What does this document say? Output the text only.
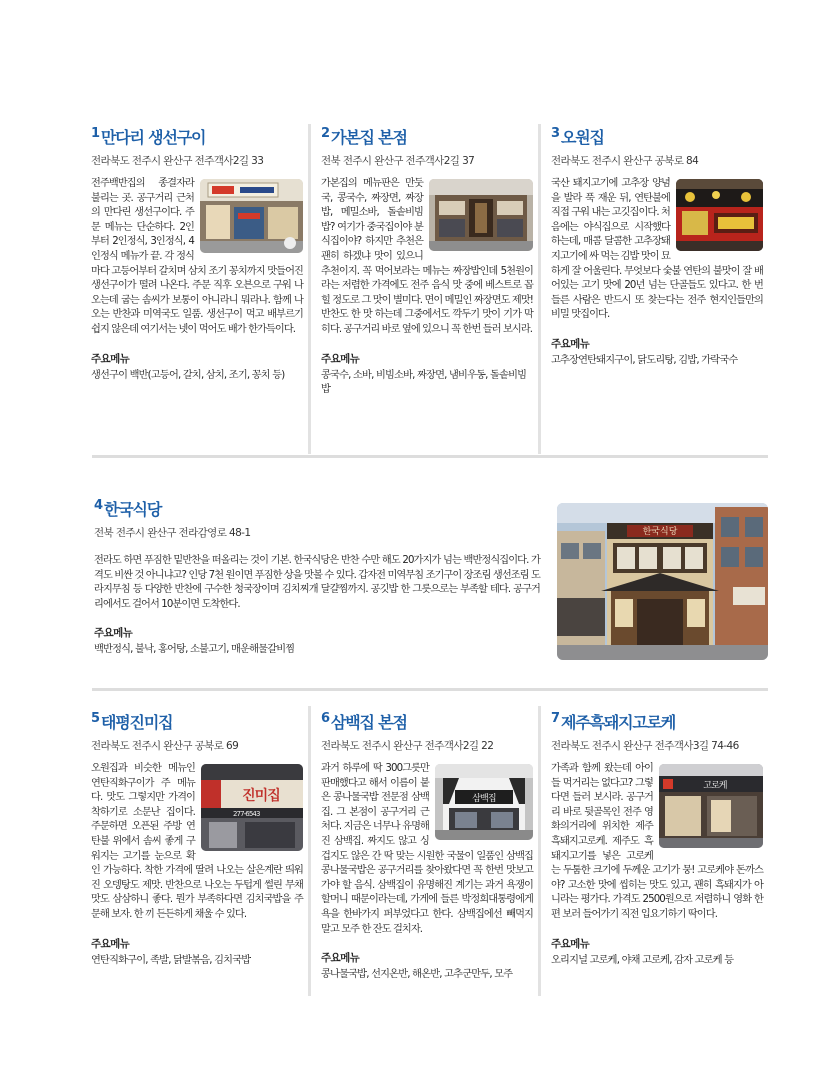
1 만다리 생선구이
전라북도 전주시 완산구 전주객사2길 33
전주백반집의 종결자라 불리는 곳. 공구거리 근처의 만다린 생선구이다. 주문 메뉴는 단순하다. 2인부터 2인정식, 3인정식, 4인정식 메뉴가 끝. 각 정식마다 고등어부터 갈치며 삼치 조기 꽁치까지 맛들어진 생선구이가 떨려 나온다. 주문 직후 오븐으로 구워 나오는데 굽는 솜씨가 보통이 아니라니 뭐라나. 함께 나오는 반찬과 미역국도 일품. 생선구이 먹고 배부르기 쉽지 않은데 여기서는 넷이 먹어도 배가 한가득이다.
주요메뉴
생선구이 백반(고등어, 갈치, 삼치, 조기, 꽁치 등)
2 가본집 본점
전북 전주시 완산구 전주객사2길 37
가본집의 메뉴판은 만둣국, 콩국수, 짜장면, 짜장밥, 메밀소바, 돌솥비빔밥? 여기가 중국집이야 분식집이야? 하지만 추천은 괜히 하겠냐 맛이 있으니 추천이지. 꼭 먹어보라는 메뉴는 짜장밥인데 5천원이라는 저렴한 가격에도 전주 음식 맛 중에 베스트로 꼽힐 정도로 그 맛이 별미다. 면이 메밀인 짜장면도 제맛! 반찬도 한 맛 하는데 그중에서도 깍두기 맛이 기가 막히다. 공구거리 바로 옆에 있으니 꼭 한번 들러 보시라.
주요메뉴
콩국수, 소바, 비빔소바, 짜장면, 냄비우동, 돌솥비빔밥
3 오원집
전라북도 전주시 완산구 공북로 84
국산 돼지고기에 고추장 양념을 발라 푹 재운 뒤, 연탄불에 직접 구워 내는 고깃집이다. 처음에는 야식집으로 시작했다 하는데, 매콤 달콤한 고추장돼지고기에 싸 먹는 김밥 맛이 묘하게 잘 어울린다. 무엇보다 숯불 연탄의 불맛이 잘 배어있는 고기 맛에 20년 넘는 단골들도 있다고. 한 번 들른 사람은 반드시 또 찾는다는 전주 현지인들만의 비밀 맛집이다.
주요메뉴
고추장연탄돼지구이, 닭도리탕, 김밥, 가락국수
4 한국식당
전북 전주시 완산구 전라감영로 48-1
전라도 하면 푸짐한 밑반찬을 떠올리는 것이 기본. 한국식당은 반찬 수만 해도 20가지가 넘는 백반정식집이다. 가격도 비싼 것 아니냐고? 인당 7천 원이면 푸짐한 상을 맛볼 수 있다. 갑자전 미역무침 조기구이 장조림 생선조림 도라지무침 등 다양한 반찬에 구수한 청국장이며 김치찌개 달걀찜까지. 공깃밥 한 그릇으로는 부족할 테다. 공구거리에서도 걸어서 10분이면 도착한다.
주요메뉴
백반정식, 불낙, 홍어탕, 소불고기, 매운해물갈비찜
한국식당
5 태평진미집
전라북도 전주시 완산구 공북로 69
진미집
277-6543
오원집과 비슷한 메뉴인 연탄직화구이가 주 메뉴다. 맛도 그렇지만 가격이 착하기로 소문난 집이다. 주문하면 오픈된 주방 연탄불 위에서 솜씨 좋게 구워지는 고기를 눈으로 확인 가능하다. 착한 가격에 딸려 나오는 살은계란 띄워진 오뎅탕도 제맛. 반찬으로 나오는 두텁게 썰린 무채 맛도 삼삼하니 좋다. 뭔가 부족하다면 김치국밥을 주문해 보자. 한 끼 든든하게 채울 수 있다.
주요메뉴
연탄직화구이, 족발, 닭발볶음, 김치국밥
6 삼백집 본점
전라북도 전주시 완산구 전주객사2길 22
삼백집
과거 하루에 딱 300그릇만 판매했다고 해서 이름이 붙은 콩나물국밥 전문점 삼백집. 그 본점이 공구거리 근처다. 지금은 너무나 유명해진 삼백집. 짜지도 않고 싱겁지도 않은 간 딱 맞는 시원한 국물이 일품인 삼백집 콩나물국밥은 공구거리를 찾아왔다면 꼭 한번 맛보고 가야 할 음식. 삼백집이 유명해진 계기는 과거 욕쟁이 할머니 때문이라는데, 가게에 들른 박정희대통령에게 욕을 한바가지 퍼부었다고 한다. 삼백집에선 빼먹지 말고 모주 한 잔도 걸치자.
주요메뉴
콩나물국밥, 선지온반, 해온반, 고추군만두, 모주
7 제주흑돼지고로케
전라북도 전주시 완산구 전주객사3길 74-46
고로케
가족과 함께 왔는데 아이들 먹거리는 없다고? 그렇다면 들러 보시라. 공구거리 바로 뒷골목인 전주 영화의거리에 위치한 제주흑돼지고로케. 제주도 흑돼지고기를 넣은 고로케는 두툼한 크기에 두께운 고기가 뭉! 고로케야 돈까스야? 고소한 맛에 씹히는 맛도 있고, 괜히 흑돼지가 아니라는 평가다. 가격도 2500원으로 저렴하니 영화 한 편 보러 들어가기 직전 입요기하기 딱이다.
주요메뉴
오리지널 고로케, 야채 고로케, 감자 고로케 등
